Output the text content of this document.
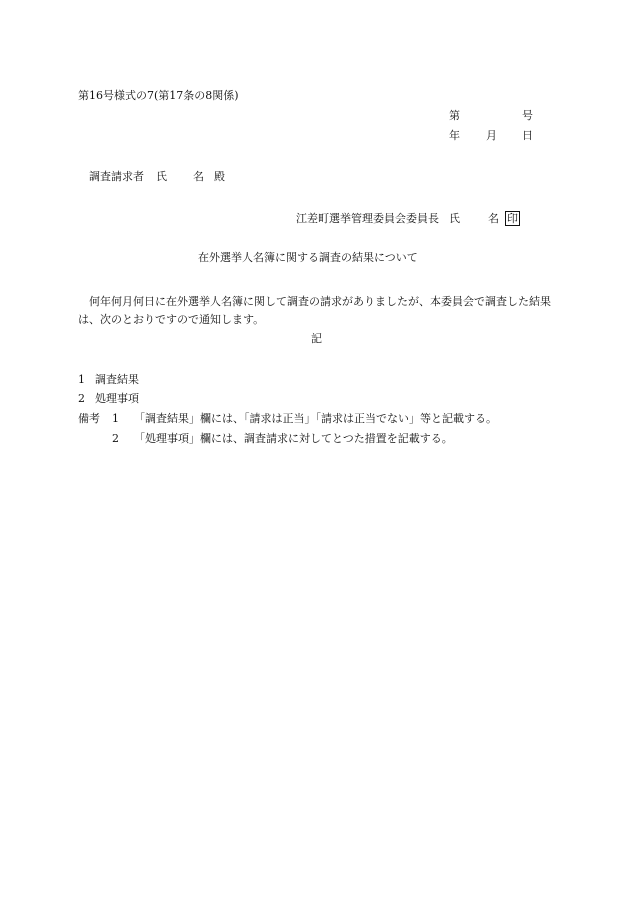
第16号様式の7(第17条の8関係)
第	号
年 月 日
調査請求者 氏 名 殿
江差町選挙管理委員会委員長 氏	名 印
在外選挙人名簿に関する調査の結果について
何年何月何日に在外選挙人名簿に関して調査の請求がありましたが、本委員会で調査した結果は、次のとおりですので通知します。
記
1 調査結果
2 処理事項
備考 1 「調査結果」欄には、「請求は正当」「請求は正当でない」等と記載する。
2 「処理事項」欄には、調査請求に対してとつた措置を記載する。
